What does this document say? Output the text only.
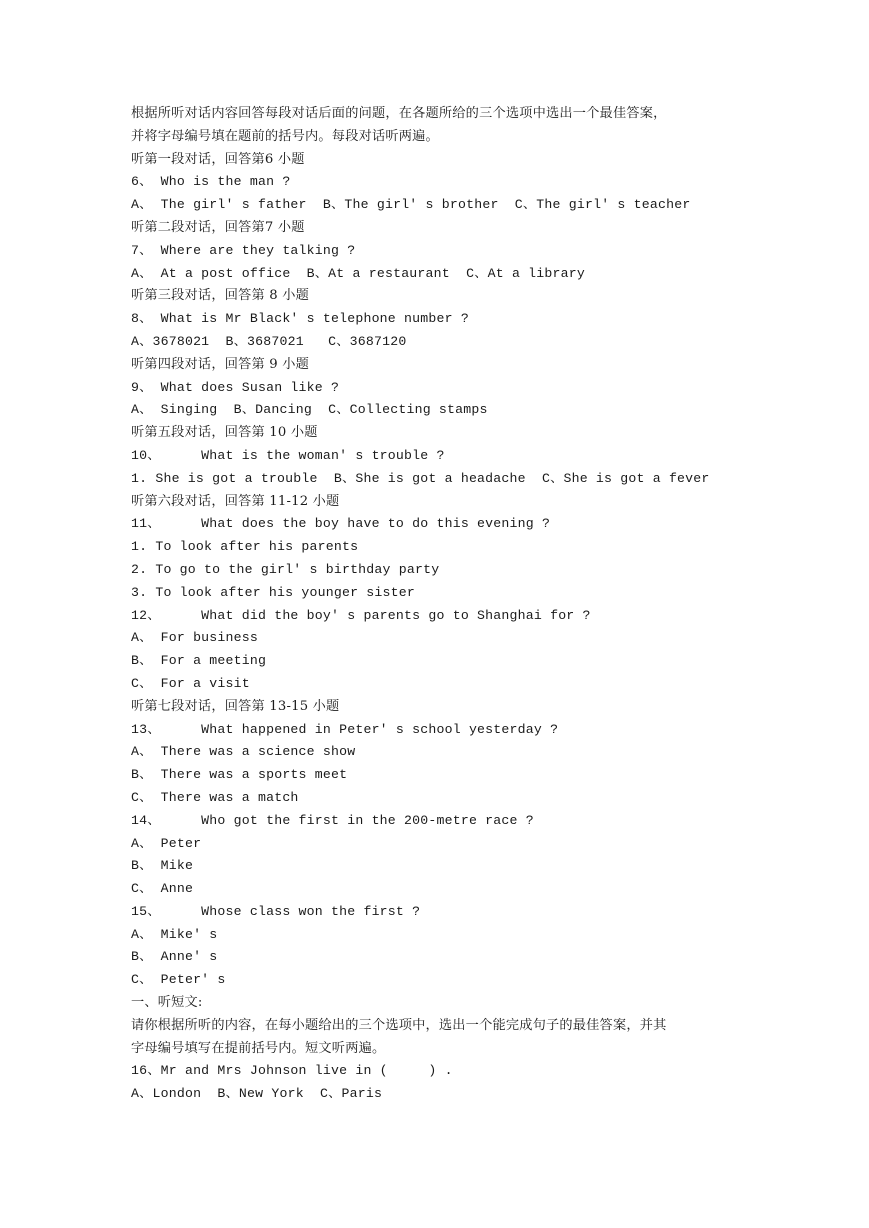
根据所听对话内容回答每段对话后面的问题，在各题所给的三个选项中选出一个最佳答案，
并将字母编号填在题前的括号内。每段对话听两遍。
听第一段对话，回答第6 小题
6、 Who is the man ?
A、 The girl′ s father  B、The girl′ s brother  C、The girl′ s teacher
听第二段对话，回答第7 小题
7、 Where are they talking ?
A、 At a post office  B、At a restaurant  C、At a library
听第三段对话，回答第 8 小题
8、 What is Mr Black′ s telephone number ?
A、3678021  B、3687021   C、3687120
听第四段对话，回答第 9 小题
9、 What does Susan like ?
A、 Singing  B、Dancing  C、Collecting stamps
听第五段对话，回答第 10 小题
10、     What is the woman′ s trouble ?
1. She is got a trouble  B、She is got a headache  C、She is got a fever
听第六段对话，回答第 11-12 小题
11、     What does the boy have to do this evening ?
1. To look after his parents
2. To go to the girl′ s birthday party
3. To look after his younger sister
12、     What did the boy′ s parents go to Shanghai for ?
A、 For business
B、 For a meeting
C、 For a visit
听第七段对话，回答第 13-15 小题
13、     What happened in Peter′ s school yesterday ?
A、 There was a science show
B、 There was a sports meet
C、 There was a match
14、     Who got the first in the 200-metre race ?
A、 Peter
B、 Mike
C、 Anne
15、     Whose class won the first ?
A、 Mike′ s
B、 Anne′ s
C、 Peter′ s
一、听短文:
请你根据所听的内容，在每小题给出的三个选项中，选出一个能完成句子的最佳答案，并其
字母编号填写在提前括号内。短文听两遍。
16、Mr and Mrs Johnson live in (     ) .
A、London  B、New York  C、Paris
